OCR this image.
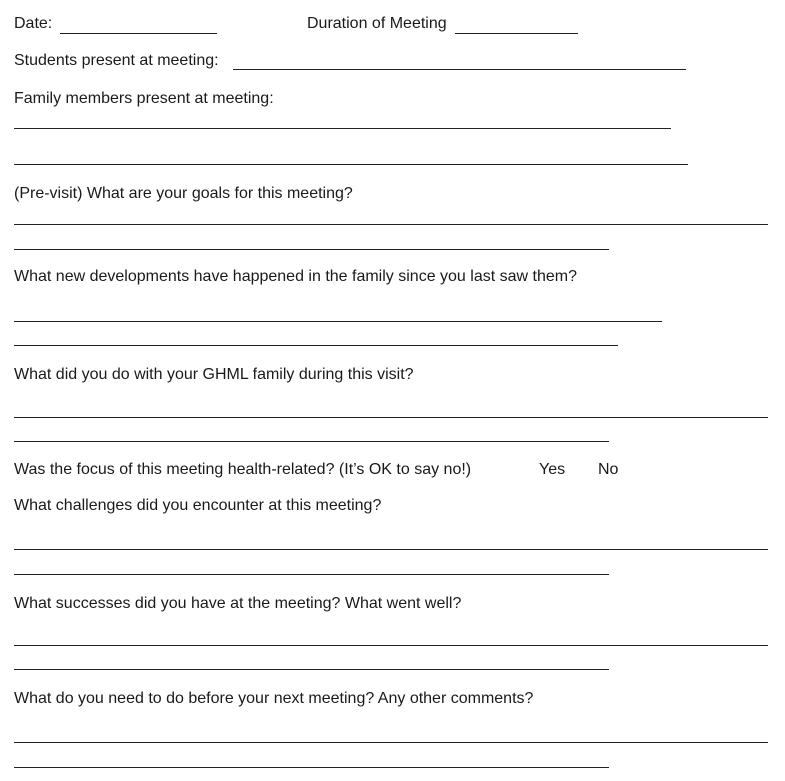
Date:	Duration of Meeting
Students present at meeting:
Family members present at meeting:
(Pre-visit) What are your goals for this meeting?
What new developments have happened in the family since you last saw them?
What did you do with your GHML family during this visit?
Was the focus of this meeting health-related? (It’s OK to say no!)	Yes No
What challenges did you encounter at this meeting?
What successes did you have at the meeting? What went well?
What do you need to do before your next meeting? Any other comments?
